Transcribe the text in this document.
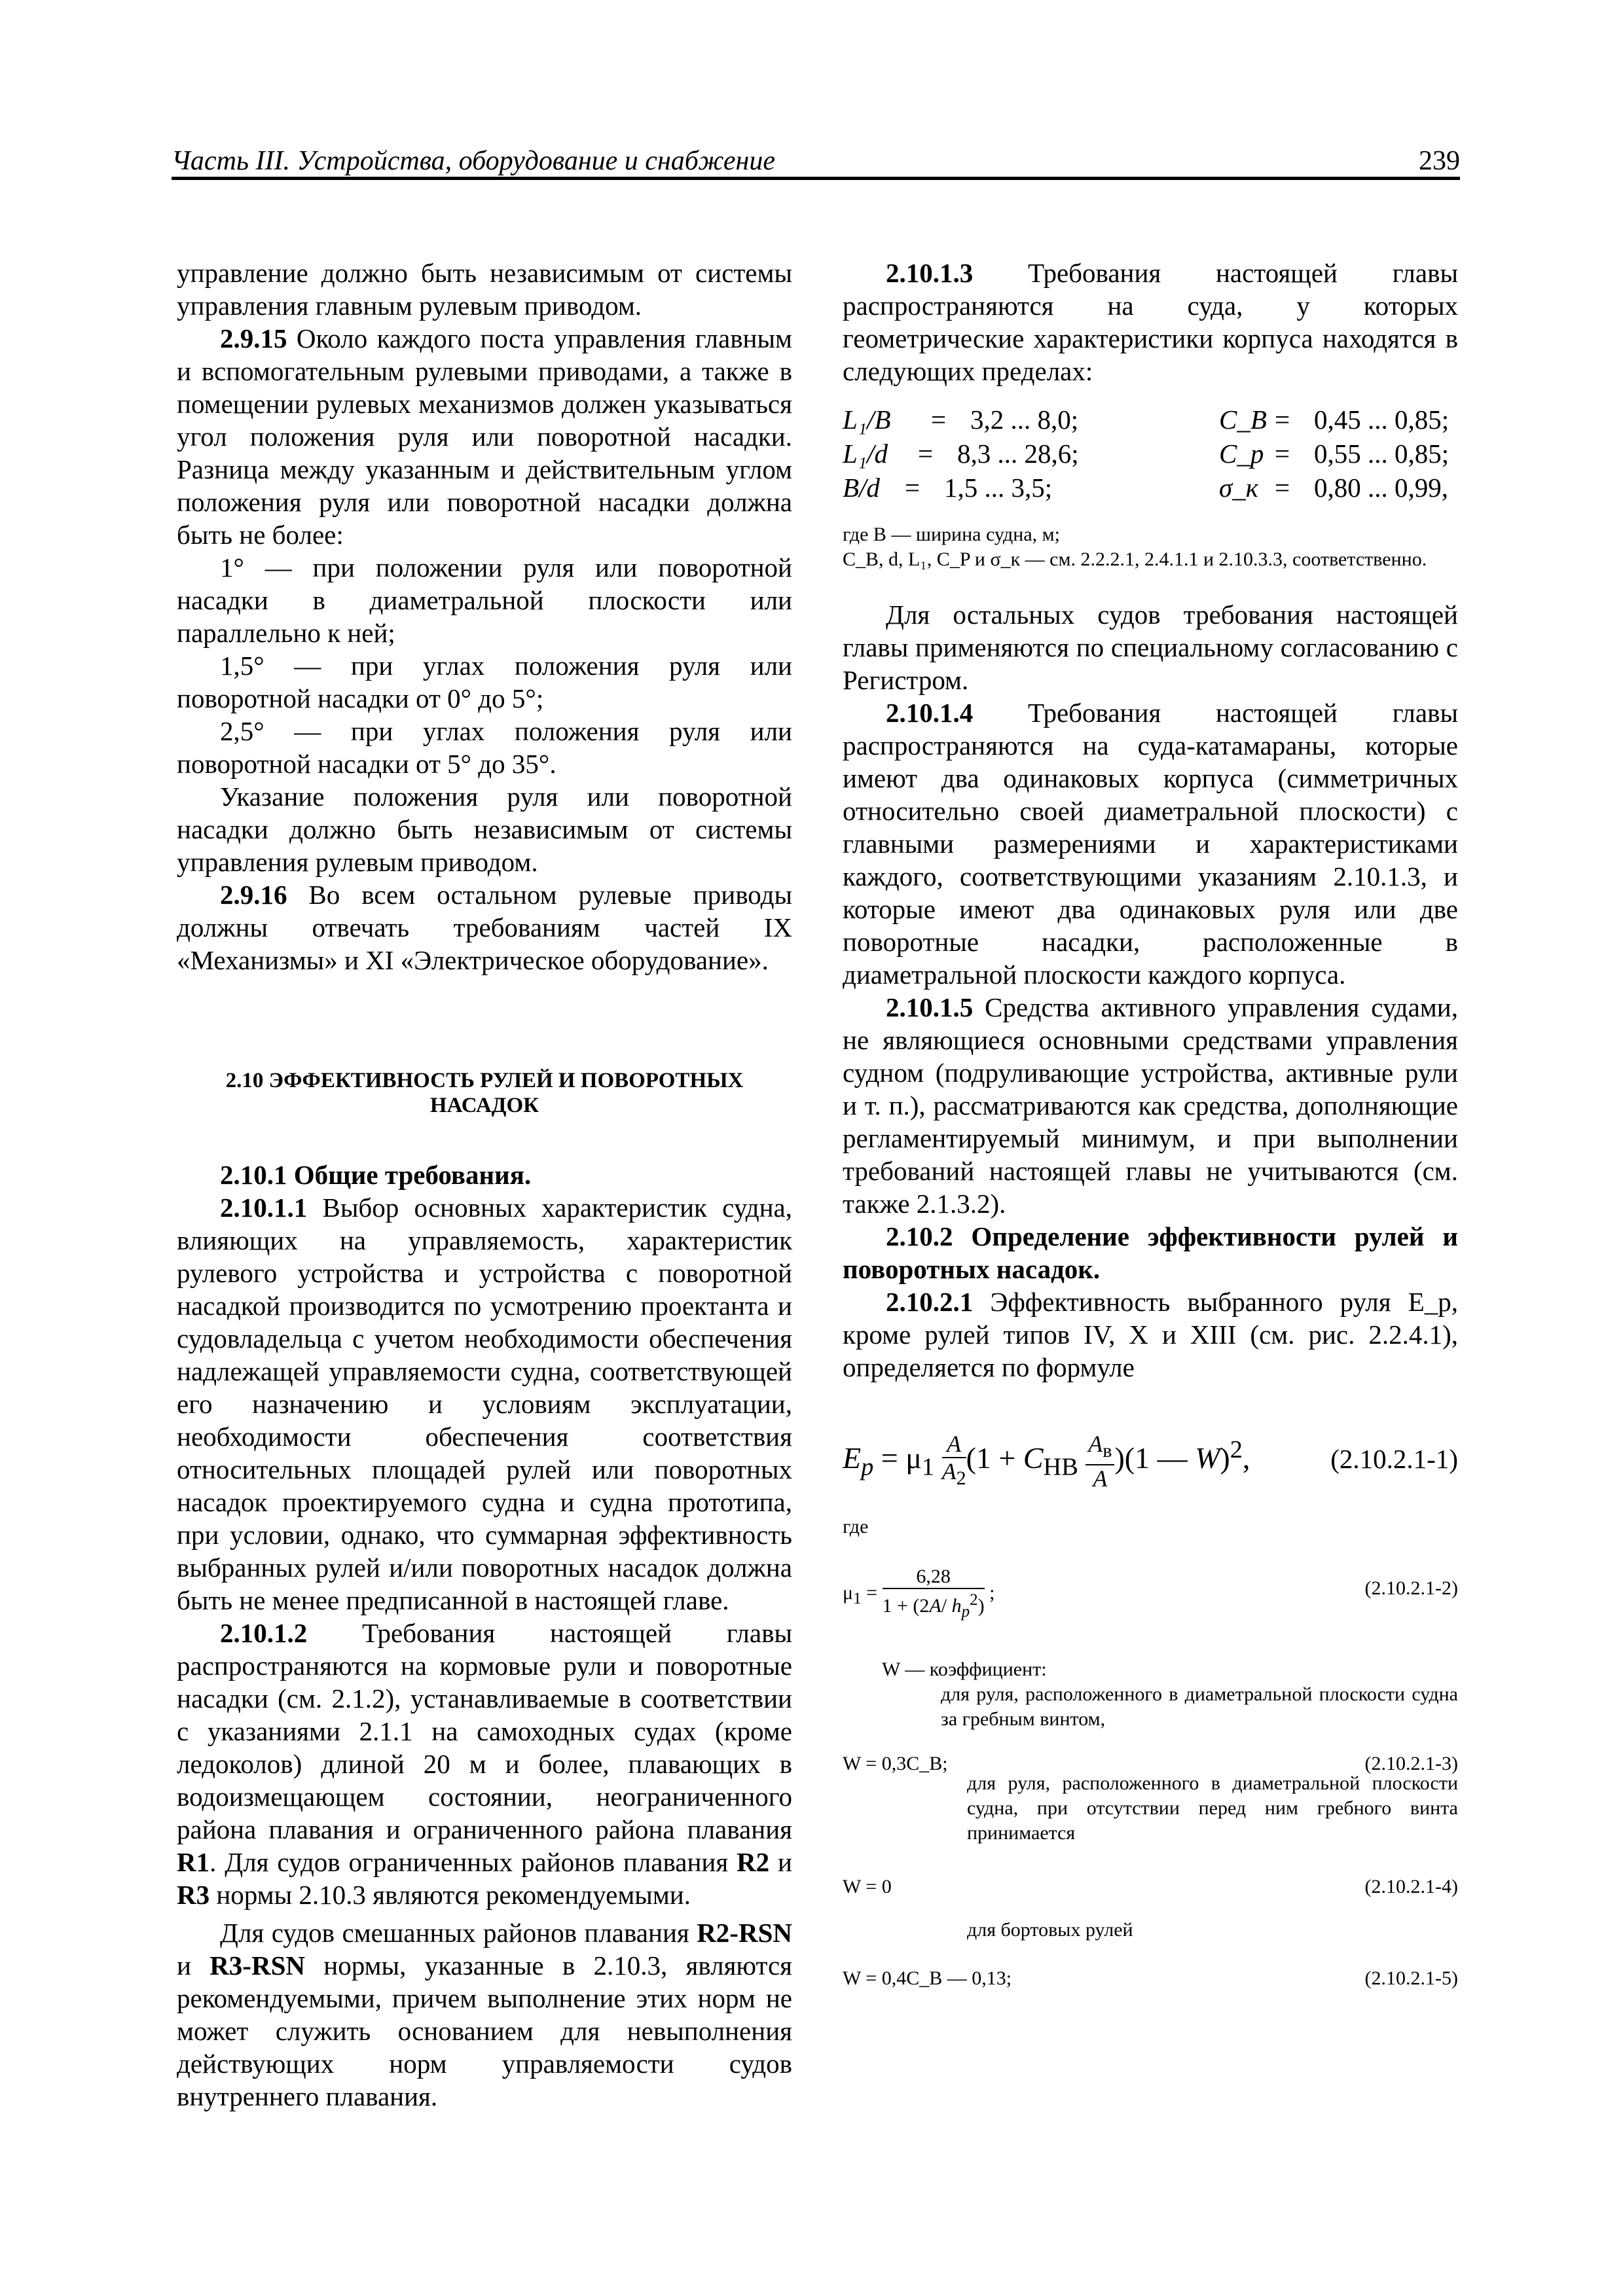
Часть III. Устройства, оборудование и снабжение	239

управление должно быть независимым от системы управления главным рулевым приводом.

2.9.15 Около каждого поста управления главным и вспомогательным рулевыми приводами, а также в помещении рулевых механизмов должен указываться угол положения руля или поворотной насадки. Разница между указанным и действительным углом положения руля или поворотной насадки должна быть не более:

1° — при положении руля или поворотной насадки в диаметральной плоскости или параллельно к ней;

1,5° — при углах положения руля или поворотной насадки от 0° до 5°;

2,5° — при углах положения руля или поворотной насадки от 5° до 35°.

Указание положения руля или поворотной насадки должно быть независимым от системы управления рулевым приводом.

2.9.16 Во всем остальном рулевые приводы должны отвечать требованиям частей IX «Механизмы» и XI «Электрическое оборудование».

2.10 ЭФФЕКТИВНОСТЬ РУЛЕЙ И ПОВОРОТНЫХ НАСАДОК

2.10.1 Общие требования.

2.10.1.1 Выбор основных характеристик судна, влияющих на управляемость, характеристик рулевого устройства и устройства с поворотной насадкой производится по усмотрению проектанта и судовладельца с учетом необходимости обеспечения надлежащей управляемости судна, соответствующей его назначению и условиям эксплуатации, необходимости обеспечения соответствия относительных площадей рулей или поворотных насадок проектируемого судна и судна прототипа, при условии, однако, что суммарная эффективность выбранных рулей и/или поворотных насадок должна быть не менее предписанной в настоящей главе.

2.10.1.2 Требования настоящей главы распространяются на кормовые рули и поворотные насадки (см. 2.1.2), устанавливаемые в соответствии с указаниями 2.1.1 на самоходных судах (кроме ледоколов) длиной 20 м и более, плавающих в водоизмещающем состоянии, неограниченного района плавания и ограниченного района плавания R1. Для судов ограниченных районов плавания R2 и R3 нормы 2.10.3 являются рекомендуемыми.

Для судов смешанных районов плавания R2-RSN и R3-RSN нормы, указанные в 2.10.3, являются рекомендуемыми, причем выполнение этих норм не может служить основанием для невыполнения действующих норм управляемости судов внутреннего плавания.

2.10.1.3 Требования настоящей главы распространяются на суда, у которых геометрические характеристики корпуса находятся в следующих пределах:

L₁/B = 3,2 ... 8,0;	C_B = 0,45 ... 0,85;
L₁/d = 8,3 ... 28,6;	C_p = 0,55 ... 0,85;
B/d = 1,5 ... 3,5;	σ_к = 0,80 ... 0,99,

где B — ширина судна, м;

C_B, d, L₁, C_P и σ_к — см. 2.2.2.1, 2.4.1.1 и 2.10.3.3, соответственно.

Для остальных судов требования настоящей главы применяются по специальному согласованию с Регистром.

2.10.1.4 Требования настоящей главы распространяются на суда-катамараны, которые имеют два одинаковых корпуса (симметричных относительно своей диаметральной плоскости) с главными размерениями и характеристиками каждого, соответствующими указаниям 2.10.1.3, и которые имеют два одинаковых руля или две поворотные насадки, расположенные в диаметральной плоскости каждого корпуса.

2.10.1.5 Средства активного управления судами, не являющиеся основными средствами управления судном (подруливающие устройства, активные рули и т. п.), рассматриваются как средства, дополняющие регламентируемый минимум, и при выполнении требований настоящей главы не учитываются (см. также 2.1.3.2).

2.10.2 Определение эффективности рулей и поворотных насадок.

2.10.2.1 Эффективность выбранного руля E_p, кроме рулей типов IV, X и XIII (см. рис. 2.2.4.1), определяется по формуле

$E_p = \mu_1 \frac{A}{A_2} (1 + C_{НВ} \frac{A_в}{A} )(1$ — W)$^2$,	(2.10.2.1-1)
где
$\mu_1 = \frac{6,28}{1 + (2A/ h_p^2)}$ ;	(2.10.2.1-2)
W — коэффициент:
для руля, расположенного в диаметральной плоскости судна за гребным винтом,
W = 0,3C_B;	(2.10.2.1-3)
для руля, расположенного в диаметральной плоскости судна, при отсутствии перед ним гребного винта принимается
W = 0	(2.10.2.1-4)
для бортовых рулей
W = 0,4C_B — 0,13;	(2.10.2.1-5)
